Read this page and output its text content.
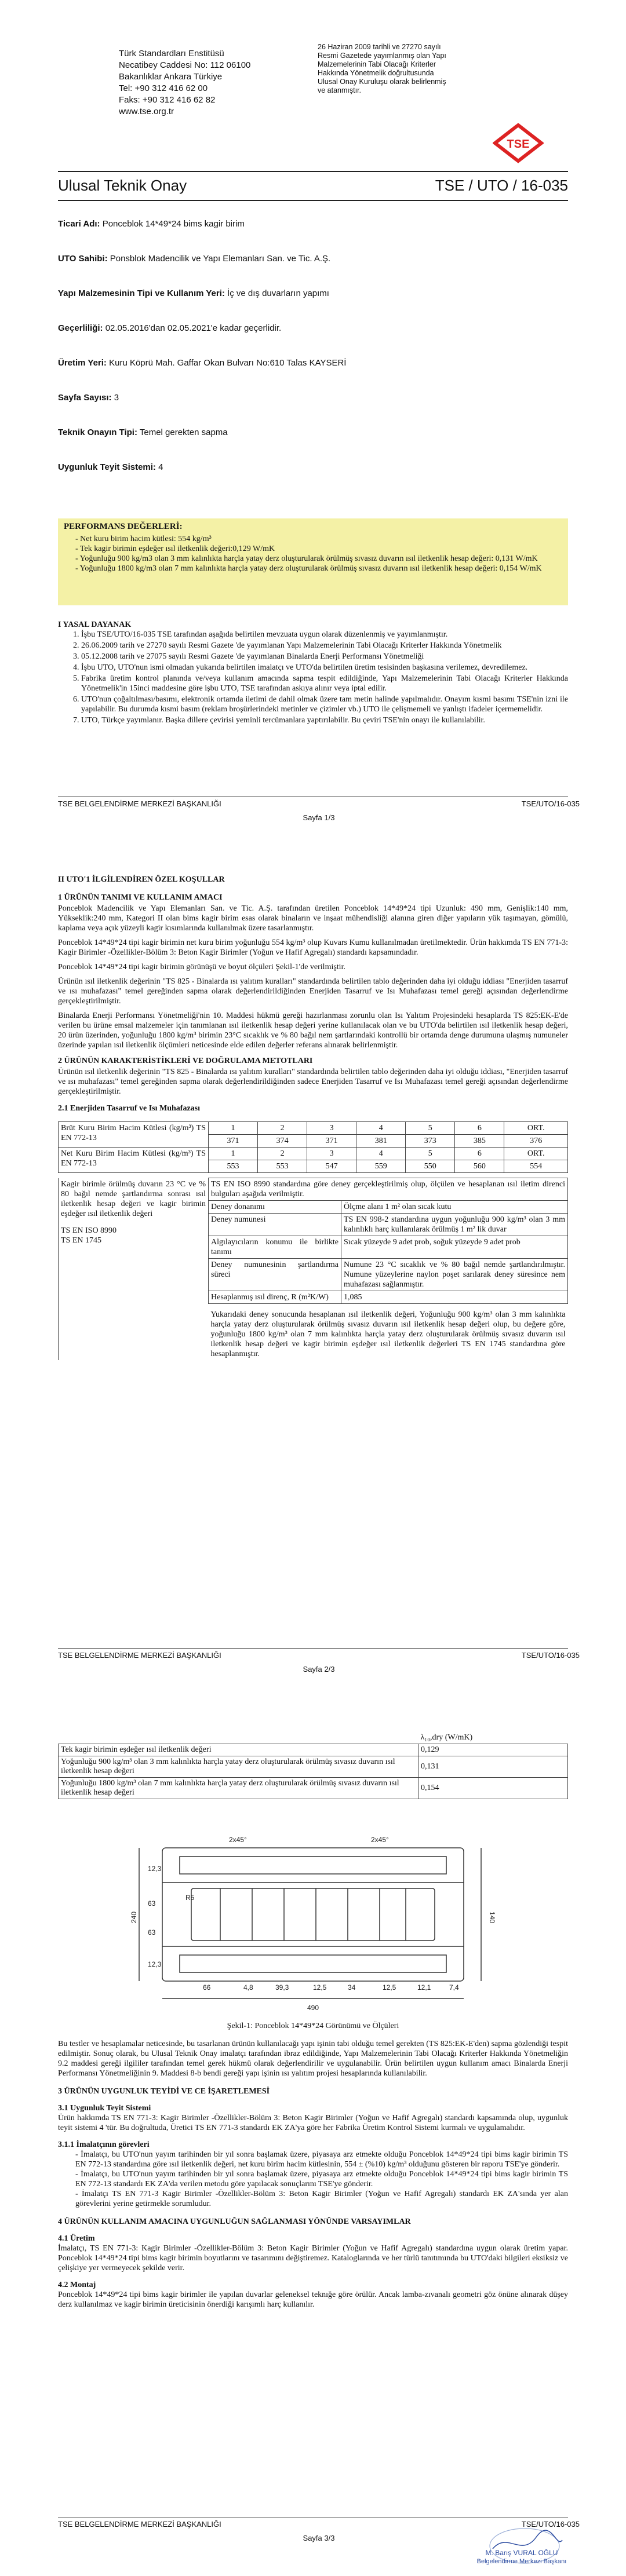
Türk Standardları Enstitüsü
Necatibey Caddesi No: 112 06100
Bakanlıklar Ankara Türkiye
Tel: +90 312 416 62 00
Faks: +90 312 416 62 82
www.tse.org.tr
26 Haziran 2009 tarihli ve 27270 sayılı
Resmi Gazetede yayımlanmış olan Yapı
Malzemelerinin Tabi Olacağı Kriterler
Hakkında Yönetmelik doğrultusunda
Ulusal Onay Kuruluşu olarak belirlenmiş
ve atanmıştır.
TSE
Ulusal Teknik Onay	TSE / UTO / 16-035
Ticari Adı: Ponceblok 14*49*24 bims kagir birim
UTO Sahibi: Ponsblok Madencilik ve Yapı Elemanları San. ve Tic. A.Ş.
Yapı Malzemesinin Tipi ve Kullanım Yeri: İç ve dış duvarların yapımı
Geçerliliği: 02.05.2016'dan 02.05.2021'e kadar geçerlidir.
Üretim Yeri: Kuru Köprü Mah. Gaffar Okan Bulvarı No:610 Talas KAYSERİ
Sayfa Sayısı: 3
Teknik Onayın Tipi: Temel gerekten sapma
Uygunluk Teyit Sistemi: 4
PERFORMANS DEĞERLERİ:
- Net kuru birim hacim kütlesi: 554 kg/m³
- Tek kagir birimin eşdeğer ısıl iletkenlik değeri:0,129 W/mK
- Yoğunluğu 900 kg/m3 olan 3 mm kalınlıkta harçla yatay derz oluşturularak örülmüş sıvasız duvarın ısıl iletkenlik hesap değeri: 0,131 W/mK
- Yoğunluğu 1800 kg/m3 olan 7 mm kalınlıkta harçla yatay derz oluşturularak örülmüş sıvasız duvarın ısıl iletkenlik hesap değeri: 0,154 W/mK
I YASAL DAYANAK
1. İşbu TSE/UTO/16-035 TSE tarafından aşağıda belirtilen mevzuata uygun olarak düzenlenmiş ve yayımlanmıştır.
2. 26.06.2009 tarih ve 27270 sayılı Resmi Gazete 'de yayımlanan Yapı Malzemelerinin Tabi Olacağı Kriterler Hakkında Yönetmelik
3. 05.12.2008 tarih ve 27075 sayılı Resmi Gazete 'de yayımlanan Binalarda Enerji Performansı Yönetmeliği
4. İşbu UTO, UTO'nun ismi olmadan yukarıda belirtilen imalatçı ve UTO'da belirtilen üretim tesisinden başkasına verilemez, devredilemez.
5. Fabrika üretim kontrol planında ve/veya kullanım amacında sapma tespit edildiğinde, Yapı Malzemelerinin Tabi Olacağı Kriterler Hakkında Yönetmelik'in 15inci maddesine göre işbu UTO, TSE tarafından askıya alınır veya iptal edilir.
6. UTO'nun çoğaltılması/basımı, elektronik ortamda iletimi de dahil olmak üzere tam metin halinde yapılmalıdır. Onayım kısmi basımı TSE'nin izni ile yapılabilir. Bu durumda kısmi basım (reklam broşürlerindeki metinler ve çizimler vb.) UTO ile çelişmemeli ve yanlıştı ifadeler içermemelidir.
7. UTO, Türkçe yayımlanır. Başka dillere çevirisi yeminli tercümanlara yaptırılabilir. Bu çeviri TSE'nin onayı ile kullanılabilir.
TSE BELGELENDİRME MERKEZİ BAŞKANLIĞI	TSE/UTO/16-035
Sayfa 1/3
II UTO'1 İLGİLENDİREN ÖZEL KOŞULLAR
1 ÜRÜNÜN TANIMI VE KULLANIM AMACI

Ponceblok Madencilik ve Yapı Elemanları San. ve Tic. A.Ş. tarafından üretilen Ponceblok 14*49*24 tipi Uzunluk: 490 mm, Genişlik:140 mm, Yükseklik:240 mm, Kategori II olan bims kagir birim esas olarak binaların ve inşaat mühendisliği alanına giren diğer yapıların yük taşımayan, gömülü, kaplama veya açık yüzeyli kagir kısımlarında kullanılmak üzere tasarlanmıştır.

Ponceblok 14*49*24 tipi kagir birimin net kuru birim yoğunluğu 554 kg/m³ olup Kuvars Kumu kullanılmadan üretilmektedir. Ürün hakkımda TS EN 771-3: Kagir Birimler -Özellikler-Bölüm 3: Beton Kagir Birimler (Yoğun ve Hafif Agregalı) standardı kapsamındadır.

Ponceblok 14*49*24 tipi kagir birimin görünüşü ve boyut ölçüleri Şekil-1'de verilmiştir.

Ürünün ısıl iletkenlik değerinin "TS 825 - Binalarda ısı yalıtım kuralları" standardında belirtilen tablo değerinden daha iyi olduğu iddiası "Enerjiden tasarruf ve ısı muhafazası" temel gereğinden sapma olarak değerlendirildiğinden Enerjiden Tasarruf ve Isı Muhafazası temel gereği açısından değerlendirme gerçekleştirilmiştir.

Binalarda Enerji Performansı Yönetmeliği'nin 10. Maddesi hükmü gereği hazırlanması zorunlu olan Isı Yalıtım Projesindeki hesaplarda TS 825:EK-E'de verilen bu ürüne emsal malzemeler için tanımlanan ısıl iletkenlik hesap değeri yerine kullanılacak olan ve bu UTO'da belirtilen ısıl iletkenlik hesap değeri, 20 ürün üzerinden, yoğunluğu 1800 kg/m³ birimin 23°C sıcaklık ve % 80 bağıl nem şartlarındaki kontrollü bir ortamda denge durumuna ulaşmış numuneler üzerinde yapılan ısıl iletkenlik ölçümleri neticesinde elde edilen değerler referans alınarak belirlenmiştir.

2 ÜRÜNÜN KARAKTERİSTİKLERİ VE DOĞRULAMA METOTLARI

Ürünün ısıl iletkenlik değerinin "TS 825 - Binalarda ısı yalıtım kuralları" standardında belirtilen tablo değerinden daha iyi olduğu iddiası, "Enerjiden tasarruf ve ısı muhafazası" temel gereğinden sapma olarak değerlendirildiğinden sadece Enerjiden Tasarruf ve Isı Muhafazası temel gereği açısından değerlendirme gerçekleştirilmiştir.

2.1 Enerjiden Tasarruf ve Isı Muhafazası
Brüt Kuru Birim Hacim Kütlesi (kg/m³) TS EN 772-13	1	2	3	4	5	6	ORT.
	371	374	371	381	373	385	376
Net Kuru Birim Hacim Kütlesi (kg/m³) TS EN 772-13	1	2	3	4	5	6	ORT.
	553	553	547	559	550	560	554
Kagir birimle örülmüş duvarın 23 °C ve % 80 bağıl nemde şartlandırma sonrası ısıl iletkenlik hesap değeri ve kagir birimin eşdeğer ısıl iletkenlik değeri
TS EN ISO 8990
TS EN 1745	TS EN ISO 8990 standardına göre deney gerçekleştirilmiş olup, ölçülen ve hesaplanan ısıl iletim direnci bulguları aşağıda verilmiştir.	
	Deney donanımı	Ölçme alanı 1 m² olan sıcak kutu
	Deney numunesi	TS EN 998-2 standardına uygun yoğunluğu 900 kg/m³ olan 3 mm kalınlıklı harç kullanılarak örülmüş 1 m² lik duvar
	Algılayıcıların konumu ile birlikte tanımı	Sıcak yüzeyde 9 adet prob, soğuk yüzeyde 9 adet prob
	Deney numunesinin şartlandırma süreci	Numune 23 °C sıcaklık ve % 80 bağıl nemde şartlandırılmıştır. Numune yüzeylerine naylon poşet sarılarak deney süresince nem muhafazası sağlanmıştır.
	Hesaplanmış ısıl direnç, R (m²K/W)	1,085
	Yukarıdaki deney sonucunda hesaplanan ısıl iletkenlik değeri, Yoğunluğu 900 kg/m³ olan 3 mm kalınlıkta harçla yatay derz oluşturularak örülmüş sıvasız duvarın ısıl iletkenlik hesap değeri olup, bu değere göre, yoğunluğu 1800 kg/m³ olan 7 mm kalınlıkta harçla yatay derz oluşturularak örülmüş sıvasız duvarın ısıl iletkenlik hesap değeri ve kagir birimin eşdeğer ısıl iletkenlik değerleri TS EN 1745 standardına göre hesaplanmıştır.	
TSE BELGELENDİRME MERKEZİ BAŞKANLIĞI	TSE/UTO/16-035
Sayfa 2/3
	λ₁₀,dry (W/mK)
Tek kagir birimin eşdeğer ısıl iletkenlik değeri	0,129
Yoğunluğu 900 kg/m³ olan 3 mm kalınlıkta harçla yatay derz oluşturularak örülmüş sıvasız duvarın ısıl iletkenlik hesap değeri	0,131
Yoğunluğu 1800 kg/m³ olan 7 mm kalınlıkta harçla yatay derz oluşturularak örülmüş sıvasız duvarın ısıl iletkenlik hesap değeri	0,154
490
240	140
2x45°	2x45°
R5
12,3
63
63
12,3
66	4,8	39,3	12,5	34	12,5	12,1	7,4
Şekil-1: Ponceblok 14*49*24 Görünümü ve Ölçüleri

Bu testler ve hesaplamalar neticesinde, bu tasarlanan ürünün kullanılacağı yapı işinin tabi olduğu temel gerekten (TS 825:EK-E'den) sapma gözlendiği tespit edilmiştir. Sonuç olarak, bu Ulusal Teknik Onay imalatçı tarafından ibraz edildiğinde, Yapı Malzemelerinin Tabi Olacağı Kriterler Hakkında Yönetmeliğin 9.2 maddesi gereği ilgililer tarafından temel gerek hükmü olarak değerlendirilir ve uygulanabilir. Ürün belirtilen uygun kullanım amacı Binalarda Enerji Performansı Yönetmeliğinin 9. Maddesi 8-b bendi gereği yapı işinin ısı yalıtım projesi hesaplarında kullanılabilir.

3 ÜRÜNÜN UYGUNLUK TEYİDİ VE CE İŞARETLEMESİ
3.1 Uygunluk Teyit Sistemi

Ürün hakkımda TS EN 771-3: Kagir Birimler -Özellikler-Bölüm 3: Beton Kagir Birimler (Yoğun ve Hafif Agregalı) standardı kapsamında olup, uygunluk teyit sistemi 4 'tür. Bu doğrultuda, Üretici TS EN 771-3 standardı EK ZA'ya göre her Fabrika Üretim Kontrol Sistemi kurmalı ve uygulamalıdır.

3.1.1 İmalatçının görevleri
- İmalatçı, bu UTO'nun yayım tarihinden bir yıl sonra başlamak üzere, piyasaya arz etmekte olduğu Ponceblok 14*49*24 tipi bims kagir birimin TS EN 772-13 standardına göre ısıl iletkenlik değeri, net kuru birim hacim kütlesinin, 554 ± (%10) kg/m³ olduğunu gösteren bir raporu TSE'ye gönderir.
- İmalatçı, bu UTO'nun yayım tarihinden bir yıl sonra başlamak üzere, piyasaya arz etmekte olduğu Ponceblok 14*49*24 tipi bims kagir birimin TS EN 772-13 standardı EK ZA'da verilen metodu göre yapılacak sonuçlarını TSE'ye gönderir.
- İmalatçı TS EN 771-3 Kagir Birimler -Özellikler-Bölüm 3: Beton Kagir Birimler (Yoğun ve Hafif Agregalı) standardı EK ZA'sında yer alan görevlerini yerine getirmekle sorumludur.
4 ÜRÜNÜN KULLANIM AMACINA UYGUNLUĞUN SAĞLANMASI YÖNÜNDE VARSAYIMLAR
4.1 Üretim

İmalatçı, TS EN 771-3: Kagir Birimler -Özellikler-Bölüm 3: Beton Kagir Birimler (Yoğun ve Hafif Agregalı) standardına uygun olarak üretim yapar. Ponceblok 14*49*24 tipi bims kagir birimin boyutlarını ve tasarımını değiştiremez. Kataloglarında ve her türlü tanıtımında bu UTO'daki bilgileri eksiksiz ve çelişkiye yer vermeyecek şekilde verir.

4.2 Montaj

Ponceblok 14*49*24 tipi bims kagir birimler ile yapılan duvarlar geleneksel teknığe göre örülür. Ancak lamba-zıvanalı geometri göz önüne alınarak düşey derz kullanılmaz ve kagir birimin üreticisinin önerdiği karışımlı harç kullanılır.

TSE BELGELENDİRME MERKEZİ BAŞKANLIĞI	TSE/UTO/16-035
Sayfa 3/3
M. Barış VURAL OĞLU
Belgelendirme Merkezi Başkanı
